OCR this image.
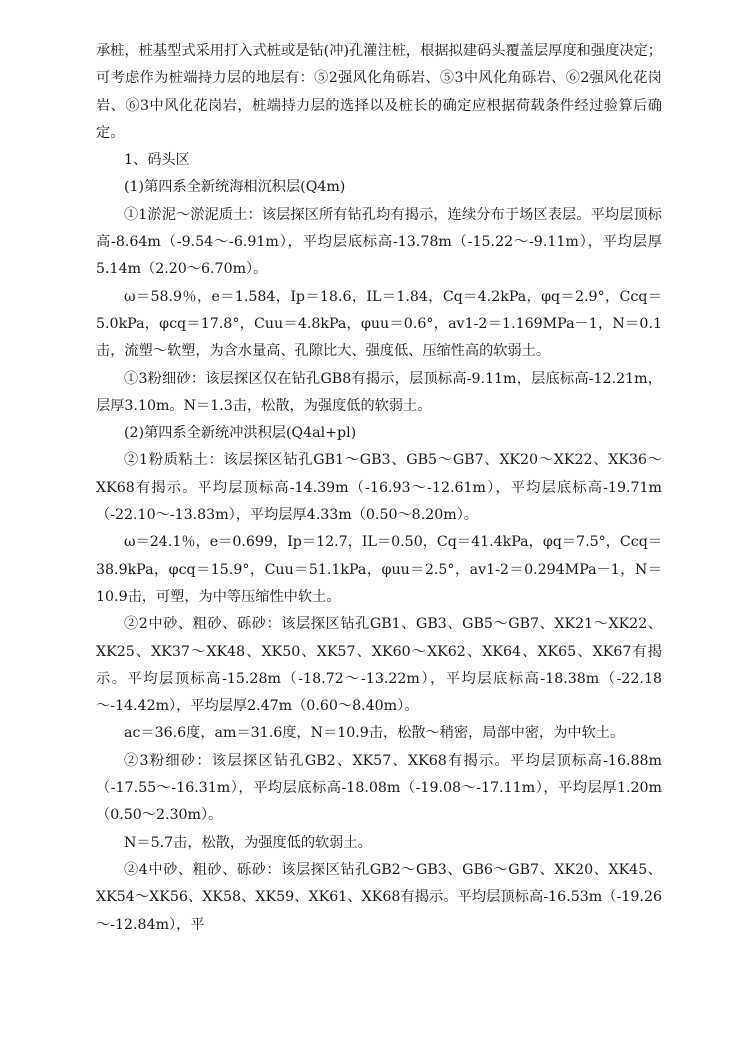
承桩，桩基型式采用打入式桩或是钻(冲)孔灌注桩，根据拟建码头覆盖层厚度和强度决定；可考虑作为桩端持力层的地层有：⑤2强风化角砾岩、⑤3中风化角砾岩、⑥2强风化花岗岩、⑥3中风化花岗岩，桩端持力层的选择以及桩长的确定应根据荷载条件经过验算后确定。

1、码头区

(1)第四系全新统海相沉积层(Q4m)

①1淤泥～淤泥质土：该层探区所有钻孔均有揭示，连续分布于场区表层。平均层顶标高-8.64m（-9.54～-6.91m），平均层底标高-13.78m（-15.22～-9.11m），平均层厚5.14m（2.20～6.70m）。

ω＝58.9％，e＝1.584，Ip＝18.6，IL＝1.84，Cq＝4.2kPa，φq＝2.9°，Ccq＝5.0kPa，φcq＝17.8°，Cuu＝4.8kPa，φuu＝0.6°，av1-2＝1.169MPa－1，N＝0.1击，流塑～软塑，为含水量高、孔隙比大、强度低、压缩性高的软弱土。

①3粉细砂：该层探区仅在钻孔GB8有揭示，层顶标高-9.11m，层底标高-12.21m，层厚3.10m。N＝1.3击，松散，为强度低的软弱土。

(2)第四系全新统冲洪积层(Q4al+pl)

②1粉质粘土：该层探区钻孔GB1～GB3、GB5～GB7、XK20～XK22、XK36～XK68有揭示。平均层顶标高-14.39m（-16.93～-12.61m），平均层底标高-19.71m（-22.10～-13.83m），平均层厚4.33m（0.50～8.20m）。

ω＝24.1％，e＝0.699，Ip＝12.7，IL＝0.50，Cq＝41.4kPa，φq＝7.5°，Ccq＝38.9kPa，φcq＝15.9°，Cuu＝51.1kPa，φuu＝2.5°，av1-2＝0.294MPa－1，N＝10.9击，可塑，为中等压缩性中软土。

②2中砂、粗砂、砾砂：该层探区钻孔GB1、GB3、GB5～GB7、XK21～XK22、XK25、XK37～XK48、XK50、XK57、XK60～XK62、XK64、XK65、XK67有揭示。平均层顶标高-15.28m（-18.72～-13.22m），平均层底标高-18.38m（-22.18～-14.42m），平均层厚2.47m（0.60～8.40m）。

ac＝36.6度，am＝31.6度，N＝10.9击，松散～稍密，局部中密，为中软土。

②3粉细砂：该层探区钻孔GB2、XK57、XK68有揭示。平均层顶标高-16.88m（-17.55～-16.31m），平均层底标高-18.08m（-19.08～-17.11m），平均层厚1.20m（0.50～2.30m）。

N＝5.7击，松散，为强度低的软弱土。

②4中砂、粗砂、砾砂：该层探区钻孔GB2～GB3、GB6～GB7、XK20、XK45、XK54～XK56、XK58、XK59、XK61、XK68有揭示。平均层顶标高-16.53m（-19.26～-12.84m），平
